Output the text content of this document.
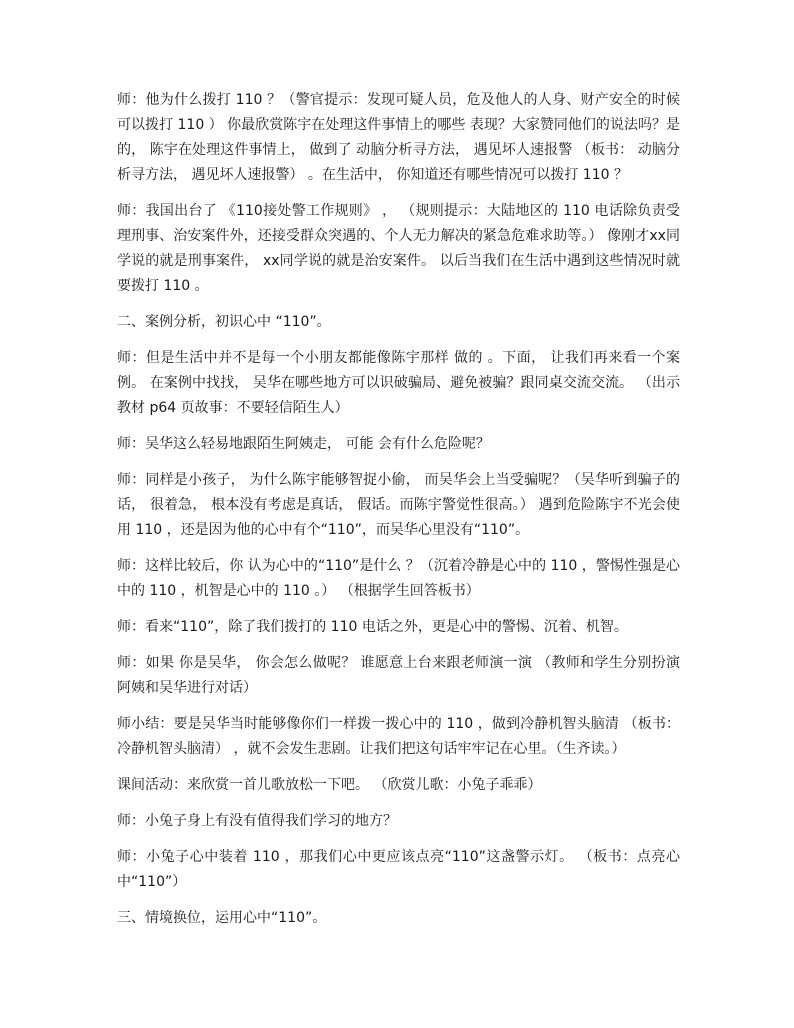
师：他为什么拨打 110 ？（警官提示：发现可疑人员，危及他人的人身、财产安全的时候可以拨打 110 ） 你最欣赏陈宇在处理这件事情上的哪些 表现？大家赞同他们的说法吗？是的， 陈宇在处理这件事情上， 做到了 动脑分析寻方法， 遇见坏人速报警 （板书： 动脑分析寻方法， 遇见坏人速报警） 。在生活中， 你知道还有哪些情况可以拨打 110 ？

师：我国出台了 《110接处警工作规则》 ， （规则提示：大陆地区的 110 电话除负责受理刑事、治安案件外，还接受群众突遇的、个人无力解决的紧急危难求助等。） 像刚才xx同学说的就是刑事案件， xx同学说的就是治安案件。 以后当我们在生活中遇到这些情况时就要拨打 110 。

二、案例分析，初识心中 “110”。

师：但是生活中并不是每一个小朋友都能像陈宇那样 做的 。下面， 让我们再来看一个案例。 在案例中找找， 吴华在哪些地方可以识破骗局、避免被骗？跟同桌交流交流。 （出示教材 p64 页故事：不要轻信陌生人）

师：吴华这么轻易地跟陌生阿姨走， 可能 会有什么危险呢？

师：同样是小孩子， 为什么陈宇能够智捉小偷， 而吴华会上当受骗呢？（吴华听到骗子的话， 很着急， 根本没有考虑是真话， 假话。而陈宇警觉性很高。） 遇到危险陈宇不光会使用 110 ，还是因为他的心中有个“110”，而吴华心里没有“110”。

师：这样比较后，你 认为心中的“110”是什么 ？（沉着冷静是心中的 110 ，警惕性强是心中的 110 ，机智是心中的 110 。） （根据学生回答板书）

师：看来“110”，除了我们拨打的 110 电话之外，更是心中的警惕、沉着、机智。

师：如果 你是吴华， 你会怎么做呢？ 谁愿意上台来跟老师演一演 （教师和学生分别扮演阿姨和吴华进行对话）

师小结：要是吴华当时能够像你们一样拨一拨心中的 110 ，做到冷静机智头脑清 （板书： 冷静机智头脑清） ，就不会发生悲剧。让我们把这句话牢牢记在心里。（生齐读。）

课间活动：来欣赏一首儿歌放松一下吧。 （欣赏儿歌：小兔子乖乖）

师：小兔子身上有没有值得我们学习的地方？

师：小兔子心中装着 110 ，那我们心中更应该点亮“110”这盏警示灯。 （板书：点亮心中“110”）

三、情境换位，运用心中“110”。
